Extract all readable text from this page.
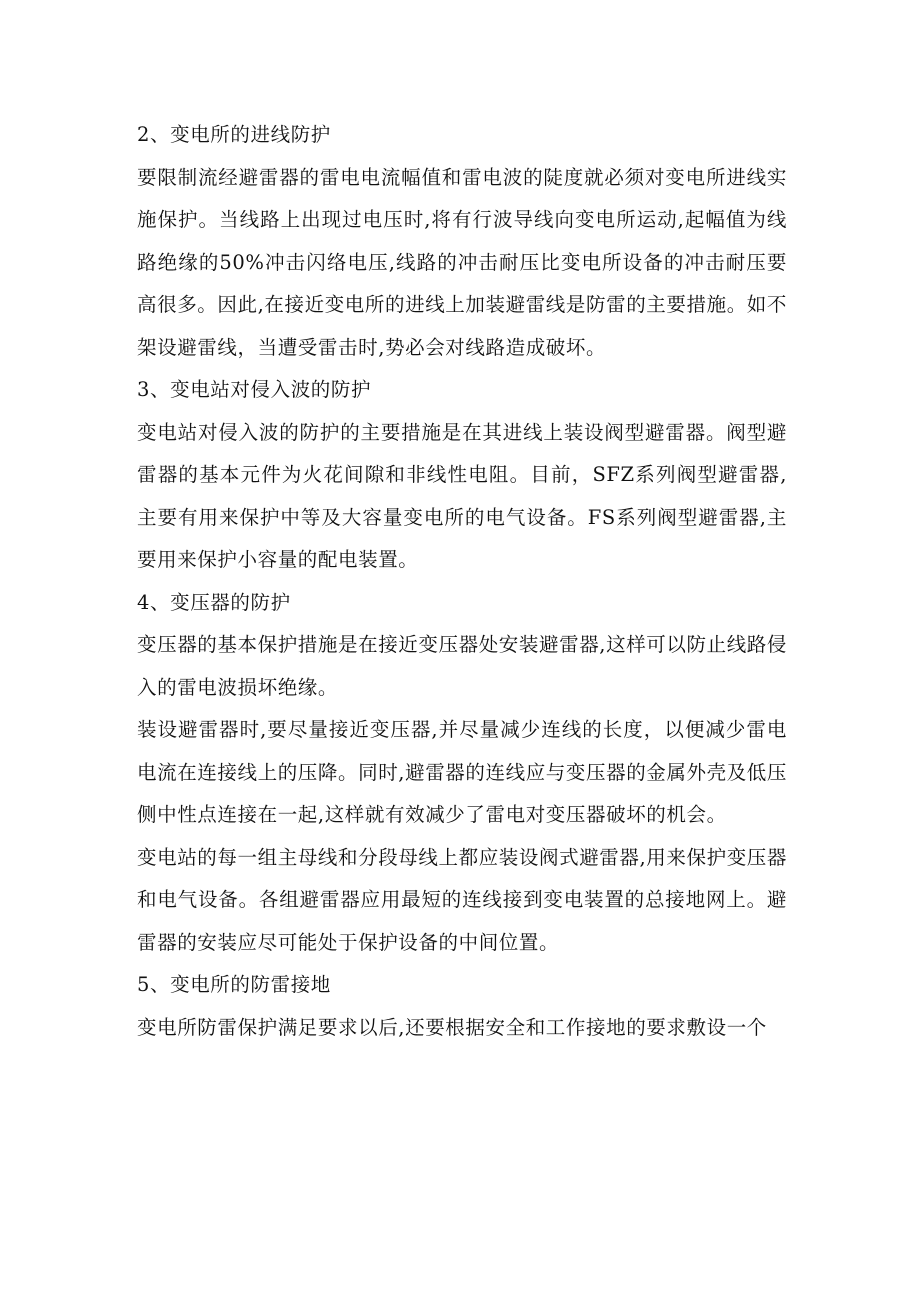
2、变电所的进线防护

要限制流经避雷器的雷电电流幅值和雷电波的陡度就必须对变电所进线实施保护。当线路上出现过电压时,将有行波导线向变电所运动,起幅值为线路绝缘的50%冲击闪络电压,线路的冲击耐压比变电所设备的冲击耐压要高很多。因此,在接近变电所的进线上加装避雷线是防雷的主要措施。如不架设避雷线，当遭受雷击时,势必会对线路造成破坏。

3、变电站对侵入波的防护

变电站对侵入波的防护的主要措施是在其进线上装设阀型避雷器。阀型避雷器的基本元件为火花间隙和非线性电阻。目前，SFZ系列阀型避雷器,主要有用来保护中等及大容量变电所的电气设备。FS系列阀型避雷器,主要用来保护小容量的配电装置。

4、变压器的防护

变压器的基本保护措施是在接近变压器处安装避雷器,这样可以防止线路侵入的雷电波损坏绝缘。

装设避雷器时,要尽量接近变压器,并尽量减少连线的长度，以便减少雷电电流在连接线上的压降。同时,避雷器的连线应与变压器的金属外壳及低压侧中性点连接在一起,这样就有效减少了雷电对变压器破坏的机会。

变电站的每一组主母线和分段母线上都应装设阀式避雷器,用来保护变压器和电气设备。各组避雷器应用最短的连线接到变电装置的总接地网上。避雷器的安装应尽可能处于保护设备的中间位置。

5、变电所的防雷接地

变电所防雷保护满足要求以后,还要根据安全和工作接地的要求敷设一个
